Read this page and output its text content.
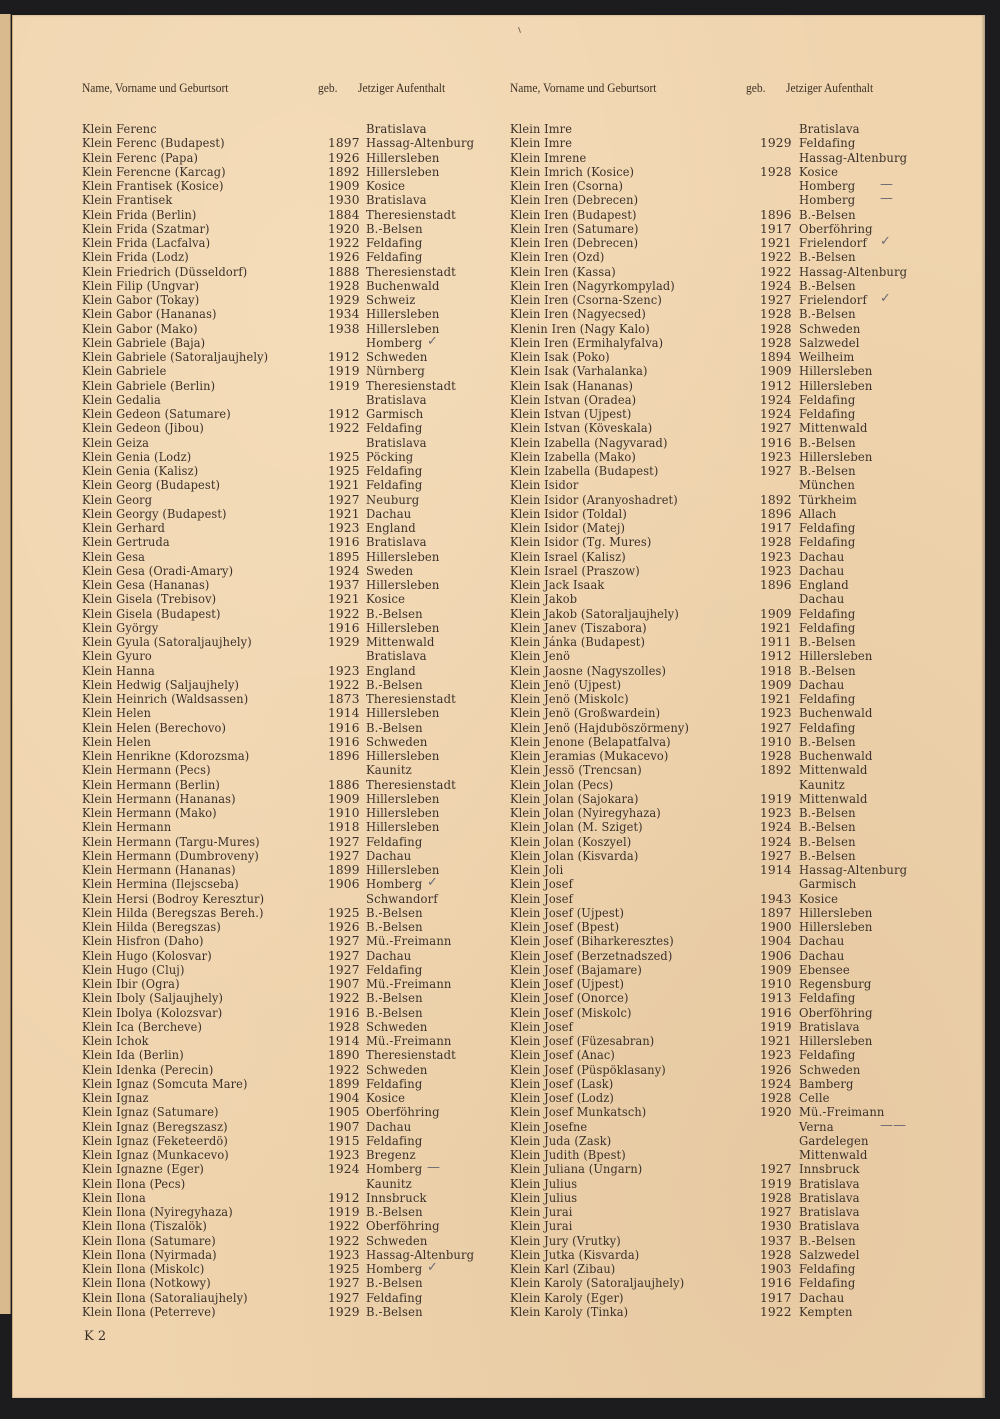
Name, Vorname und Geburtsort	geb. Jetziger Aufenthalt
Klein Ferenc	Bratislava
Klein Ferenc (Budapest)	1897 Hassag-Altenburg
Klein Ferenc (Papa)	1926 Hillersleben
Klein Ferencne (Karcag)	1892 Hillersleben
Klein Frantisek (Kosice)	1909 Kosice
Klein Frantisek	1930 Bratislava
Klein Frida (Berlin)	1884 Theresienstadt
Klein Frida (Szatmar)	1920 B.-Belsen
Klein Frida (Lacfalva)	1922 Feldafing
Klein Frida (Lodz)	1926 Feldafing
Klein Friedrich (Düsseldorf)	1888 Theresienstadt
Klein Filip (Ungvar)	1928 Buchenwald
Klein Gabor (Tokay)	1929 Schweiz
Klein Gabor (Hananas)	1934 Hillersleben
Klein Gabor (Mako)	1938 Hillersleben
Klein Gabriele (Baja)	Homberg ✓
Klein Gabriele (Satoraljaujhely)	1912 Schweden
Klein Gabriele	1919 Nürnberg
Klein Gabriele (Berlin)	1919 Theresienstadt
Klein Gedalia	Bratislava
Klein Gedeon (Satumare)	1912 Garmisch
Klein Gedeon (Jibou)	1922 Feldafing
Klein Geiza	Bratislava
Klein Genia (Lodz)	1925 Pöcking
Klein Genia (Kalisz)	1925 Feldafing
Klein Georg (Budapest)	1921 Feldafing
Klein Georg	1927 Neuburg
Klein Georgy (Budapest)	1921 Dachau
Klein Gerhard	1923 England
Klein Gertruda	1916 Bratislava
Klein Gesa	1895 Hillersleben
Klein Gesa (Oradi-Amary)	1924 Sweden
Klein Gesa (Hananas)	1937 Hillersleben
Klein Gisela (Trebisov)	1921 Kosice
Klein Gisela (Budapest)	1922 B.-Belsen
Klein György	1916 Hillersleben
Klein Gyula (Satoraljaujhely)	1929 Mittenwald
Klein Gyuro	Bratislava
Klein Hanna	1923 England
Klein Hedwig (Saljaujhely)	1922 B.-Belsen
Klein Heinrich (Waldsassen)	1873 Theresienstadt
Klein Helen	1914 Hillersleben
Klein Helen (Berechovo)	1916 B.-Belsen
Klein Helen	1916 Schweden
Klein Henrikne (Kdorozsma)	1896 Hillersleben
Klein Hermann (Pecs)	Kaunitz
Klein Hermann (Berlin)	1886 Theresienstadt
Klein Hermann (Hananas)	1909 Hillersleben
Klein Hermann (Mako)	1910 Hillersleben
Klein Hermann	1918 Hillersleben
Klein Hermann (Targu-Mures)	1927 Feldafing
Klein Hermann (Dumbroveny)	1927 Dachau
Klein Hermann (Hananas)	1899 Hillersleben
Klein Hermina (Ilejscseba)	1906 Homberg ✓
Klein Hersi (Bodroy Keresztur)	Schwandorf
Klein Hilda (Beregszas Bereh.)	1925 B.-Belsen
Klein Hilda (Beregszas)	1926 B.-Belsen
Klein Hisfron (Daho)	1927 Mü.-Freimann
Klein Hugo (Kolosvar)	1927 Dachau
Klein Hugo (Cluj)	1927 Feldafing
Klein Ibir (Ogra)	1907 Mü.-Freimann
Klein Iboly (Saljaujhely)	1922 B.-Belsen
Klein Ibolya (Kolozsvar)	1916 B.-Belsen
Klein Ica (Bercheve)	1928 Schweden
Klein Ichok	1914 Mü.-Freimann
Klein Ida (Berlin)	1890 Theresienstadt
Klein Idenka (Perecin)	1922 Schweden
Klein Ignaz (Somcuta Mare)	1899 Feldafing
Klein Ignaz	1904 Kosice
Klein Ignaz (Satumare)	1905 Oberföhring
Klein Ignaz (Beregszasz)	1907 Dachau
Klein Ignaz (Feketeerdö)	1915 Feldafing
Klein Ignaz (Munkacevo)	1923 Bregenz
Klein Ignazne (Eger)	1924 Homberg —
Klein Ilona (Pecs)	Kaunitz
Klein Ilona	1912 Innsbruck
Klein Ilona (Nyiregyhaza)	1919 B.-Belsen
Klein Ilona (Tiszalök)	1922 Oberföhring
Klein Ilona (Satumare)	1922 Schweden
Klein Ilona (Nyirmada)	1923 Hassag-Altenburg
Klein Ilona (Miskolc)	1925 Homberg ✓
Klein Ilona (Notkowy)	1927 B.-Belsen
Klein Ilona (Satoraliaujhely)	1927 Feldafing
Klein Ilona (Peterreve)	1929 B.-Belsen
Name, Vorname und Geburtsort	geb. Jetziger Aufenthalt
Klein Imre	Bratislava
Klein Imre	1929 Feldafing
Klein Imrene	Hassag-Altenburg
Klein Imrich (Kosice)	1928 Kosice
Klein Iren (Csorna)	Homberg —
Klein Iren (Debrecen)	Homberg —
Klein Iren (Budapest)	1896 B.-Belsen
Klein Iren (Satumare)	1917 Oberföhring
Klein Iren (Debrecen)	1921 Frielendorf ✓
Klein Iren (Ozd)	1922 B.-Belsen
Klein Iren (Kassa)	1922 Hassag-Altenburg
Klein Iren (Nagyrkompylad)	1924 B.-Belsen
Klein Iren (Csorna-Szenc)	1927 Frielendorf ✓
Klein Iren (Nagyecsed)	1928 B.-Belsen
Klenin Iren (Nagy Kalo)	1928 Schweden
Klein Iren (Ermihalyfalva)	1928 Salzwedel
Klein Isak (Poko)	1894 Weilheim
Klein Isak (Varhalanka)	1909 Hillersleben
Klein Isak (Hananas)	1912 Hillersleben
Klein Istvan (Oradea)	1924 Feldafing
Klein Istvan (Ujpest)	1924 Feldafing
Klein Istvan (Köveskala)	1927 Mittenwald
Klein Izabella (Nagyvarad)	1916 B.-Belsen
Klein Izabella (Mako)	1923 Hillersleben
Klein Izabella (Budapest)	1927 B.-Belsen
Klein Isidor	München
Klein Isidor (Aranyoshadret)	1892 Türkheim
Klein Isidor (Toldal)	1896 Allach
Klein Isidor (Matej)	1917 Feldafing
Klein Isidor (Tg. Mures)	1928 Feldafing
Klein Israel (Kalisz)	1923 Dachau
Klein Israel (Praszow)	1923 Dachau
Klein Jack Isaak	1896 England
Klein Jakob	Dachau
Klein Jakob (Satoraljaujhely)	1909 Feldafing
Klein Janev (Tiszabora)	1921 Feldafing
Klein Jánka (Budapest)	1911 B.-Belsen
Klein Jenö	1912 Hillersleben
Klein Jaosne (Nagyszolles)	1918 B.-Belsen
Klein Jenö (Ujpest)	1909 Dachau
Klein Jenö (Miskolc)	1921 Feldafing
Klein Jenö (Großwardein)	1923 Buchenwald
Klein Jenö (Hajduböszörmeny)	1927 Feldafing
Klein Jenone (Belapatfalva)	1910 B.-Belsen
Klein Jeramias (Mukacevo)	1928 Buchenwald
Klein Jessö (Trencsan)	1892 Mittenwald
Klein Jolan (Pecs)	Kaunitz
Klein Jolan (Sajokara)	1919 Mittenwald
Klein Jolan (Nyiregyhaza)	1923 B.-Belsen
Klein Jolan (M. Sziget)	1924 B.-Belsen
Klein Jolan (Koszyel)	1924 B.-Belsen
Klein Jolan (Kisvarda)	1927 B.-Belsen
Klein Joli	1914 Hassag-Altenburg
Klein Josef	Garmisch
Klein Josef	1943 Kosice
Klein Josef (Ujpest)	1897 Hillersleben
Klein Josef (Bpest)	1900 Hillersleben
Klein Josef (Biharkeresztes)	1904 Dachau
Klein Josef (Berzetnadszed)	1906 Dachau
Klein Josef (Bajamare)	1909 Ebensee
Klein Josef (Ujpest)	1910 Regensburg
Klein Josef (Onorce)	1913 Feldafing
Klein Josef (Miskolc)	1916 Oberföhring
Klein Josef	1919 Bratislava
Klein Josef (Füzesabran)	1921 Hillersleben
Klein Josef (Anac)	1923 Feldafing
Klein Josef (Püspöklasany)	1926 Schweden
Klein Josef (Lask)	1924 Bamberg
Klein Josef (Lodz)	1928 Celle
Klein Josef Munkatsch)	1920 Mü.-Freimann
Klein Josefne	Verna	——
Klein Juda (Zask)	Gardelegen
Klein Judith (Bpest)	Mittenwald
Klein Juliana (Ungarn)	1927 Innsbruck
Klein Julius	1919 Bratislava
Klein Julius	1928 Bratislava
Klein Jurai	1927 Bratislava
Klein Jurai	1930 Bratislava
Klein Jury (Vrutky)	1937 B.-Belsen
Klein Jutka (Kisvarda)	1928 Salzwedel
Klein Karl (Zibau)	1903 Feldafing
Klein Karoly (Satoraljaujhely)	1916 Feldafing
Klein Karoly (Eger)	1917 Dachau
Klein Karoly (Tinka)	1922 Kempten
K 2
